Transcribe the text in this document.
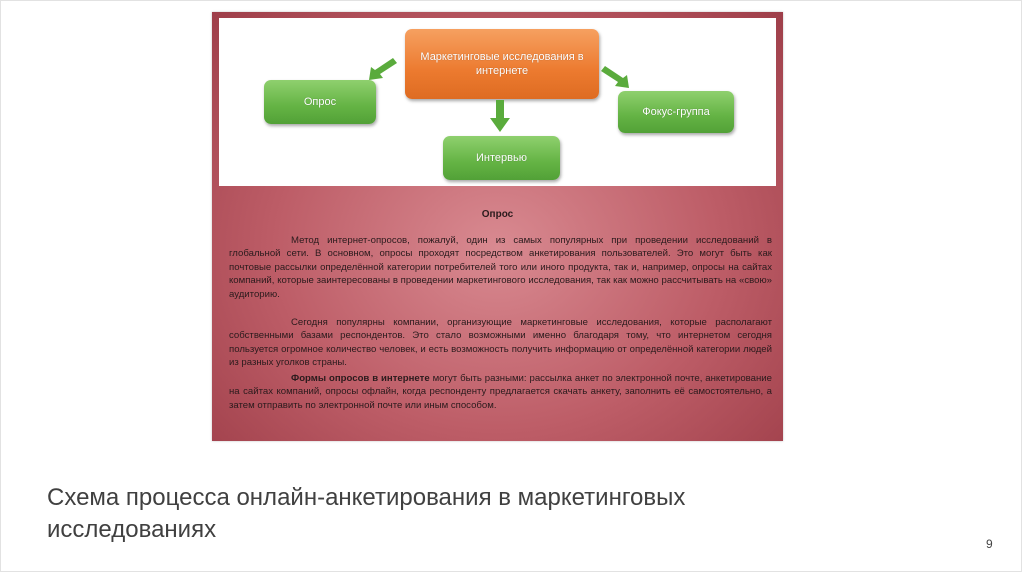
Маркетинговые исследования в интернете
Опрос
Фокус-группа
Интервью
Опрос

Метод интернет-опросов, пожалуй, один из самых популярных при проведении исследований в глобальной сети. В основном, опросы проходят посредством анкетирования пользователей. Это могут быть как почтовые рассылки определённой категории потребителей того или иного продукта, так и, например, опросы на сайтах компаний, которые заинтересованы в проведении маркетингового исследования, так как можно рассчитывать на «свою» аудиторию.

Сегодня популярны компании, организующие маркетинговые исследования, которые располагают собственными базами респондентов. Это стало возможными именно благодаря тому, что интернетом сегодня пользуется огромное количество человек, и есть возможность получить информацию от определённой категории людей из разных уголков страны.

Формы опросов в интернете могут быть разными: рассылка анкет по электронной почте, анкетирование на сайтах компаний, опросы офлайн, когда респонденту предлагается скачать анкету, заполнить её самостоятельно, а затем отправить по электронной почте или иным способом.

Схема процесса онлайн-анкетирования в маркетинговых исследованиях
9
